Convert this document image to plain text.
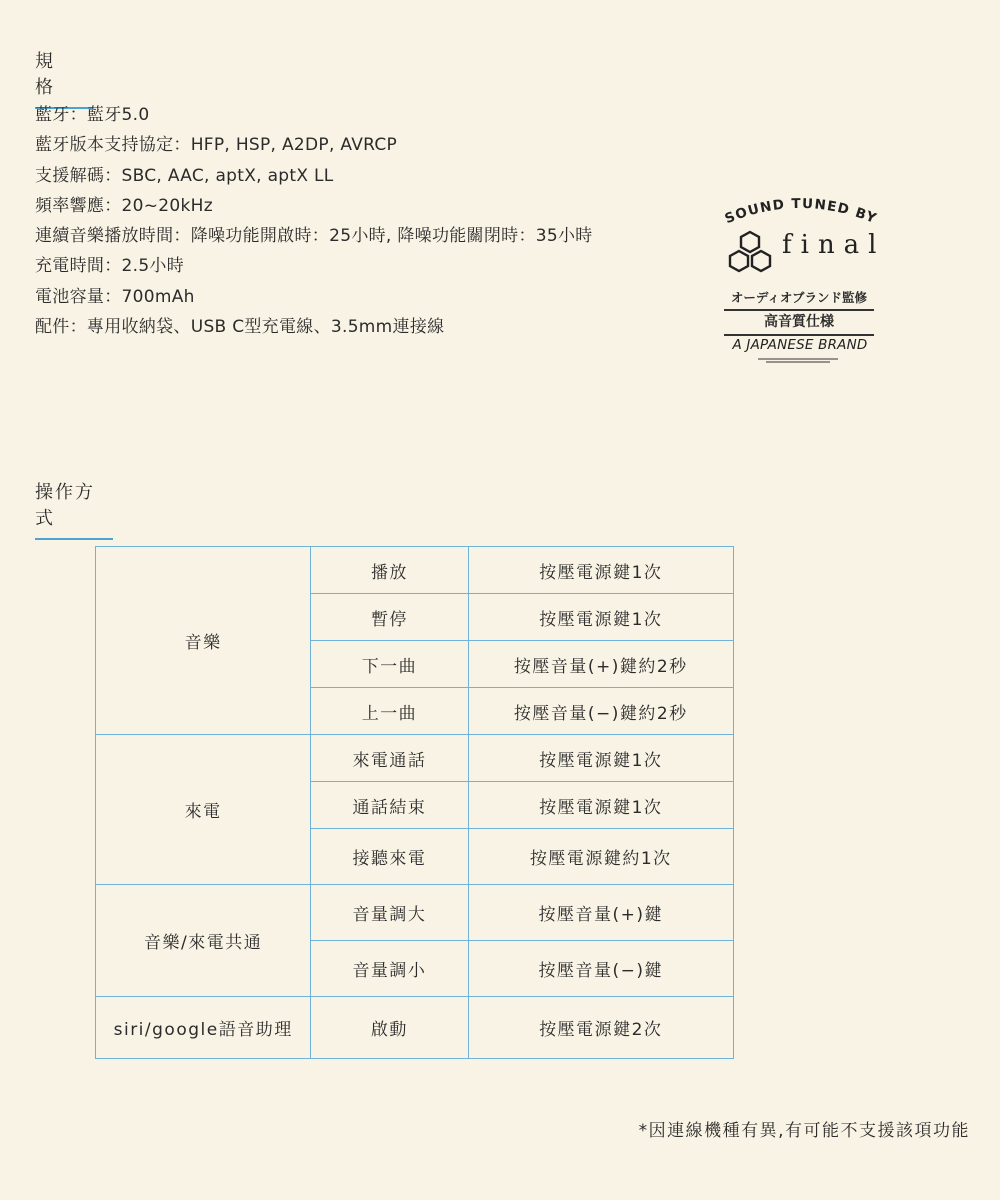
規格
藍牙：藍牙5.0
藍牙版本支持協定：HFP, HSP, A2DP, AVRCP
支援解碼：SBC, AAC, aptX, aptX LL
頻率響應：20~20kHz
連續音樂播放時間：降噪功能開啟時：25小時, 降噪功能關閉時：35小時
充電時間：2.5小時
電池容量：700mAh
配件：專用收納袋、USB C型充電線、3.5mm連接線
SOUND TUNED BY
final
オーディオブランド監修
高音質仕様
A JAPANESE BRAND
操作方式
音樂	播放	按壓電源鍵1次
	暫停	按壓電源鍵1次
	下一曲	按壓音量(+)鍵約2秒
	上一曲	按壓音量(−)鍵約2秒
來電	來電通話	按壓電源鍵1次
	通話結束	按壓電源鍵1次
	接聽來電	按壓電源鍵約1次
音樂/來電共通	音量調大	按壓音量(+)鍵
	音量調小	按壓音量(−)鍵
siri/google語音助理	啟動	按壓電源鍵2次
*因連線機種有異,有可能不支援該項功能
